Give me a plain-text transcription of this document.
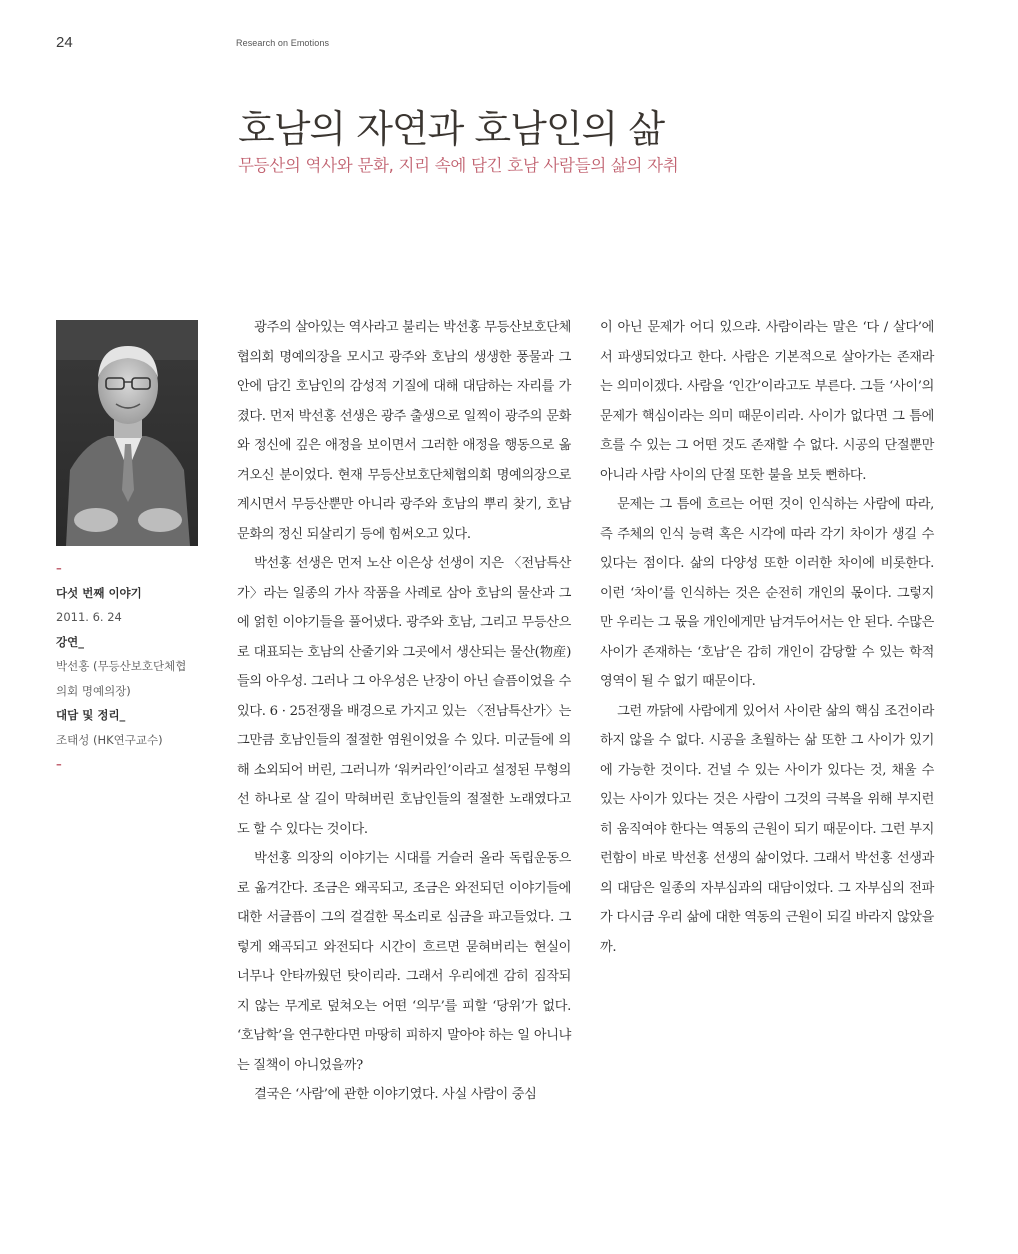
24	Research on Emotions
호남의 자연과 호남인의 삶
무등산의 역사와 문화, 지리 속에 담긴 호남 사람들의 삶의 자취
–
다섯 번째 이야기
2011. 6. 24
강연_
박선홍 (무등산보호단체협
의회 명예의장)
대담 및 정리_
조태성 (HK연구교수)
–

광주의 살아있는 역사라고 불리는 박선홍 무등산보호단체협의회 명예의장을 모시고 광주와 호남의 생생한 풍물과 그 안에 담긴 호남인의 감성적 기질에 대해 대담하는 자리를 가졌다. 먼저 박선홍 선생은 광주 출생으로 일찍이 광주의 문화와 정신에 깊은 애정을 보이면서 그러한 애정을 행동으로 옮겨오신 분이었다. 현재 무등산보호단체협의회 명예의장으로 계시면서 무등산뿐만 아니라 광주와 호남의 뿌리 찾기, 호남문화의 정신 되살리기 등에 힘써오고 있다.

박선홍 선생은 먼저 노산 이은상 선생이 지은 〈전남특산가〉라는 일종의 가사 작품을 사례로 삼아 호남의 물산과 그에 얽힌 이야기들을 풀어냈다. 광주와 호남, 그리고 무등산으로 대표되는 호남의 산줄기와 그곳에서 생산되는 물산(物産)들의 아우성. 그러나 그 아우성은 난장이 아닌 슬픔이었을 수 있다. 6 · 25전쟁을 배경으로 가지고 있는 〈전남특산가〉는 그만큼 호남인들의 절절한 염원이었을 수 있다. 미군들에 의해 소외되어 버린, 그러니까 ‘워커라인’이라고 설정된 무형의 선 하나로 살 길이 막혀버린 호남인들의 절절한 노래였다고도 할 수 있다는 것이다.

박선홍 의장의 이야기는 시대를 거슬러 올라 독립운동으로 옮겨간다. 조금은 왜곡되고, 조금은 와전되던 이야기들에 대한 서글픔이 그의 걸걸한 목소리로 심금을 파고들었다. 그렇게 왜곡되고 와전되다 시간이 흐르면 묻혀버리는 현실이 너무나 안타까웠던 탓이리라. 그래서 우리에겐 감히 짐작되지 않는 무게로 덮쳐오는 어떤 ‘의무’를 피할 ‘당위’가 없다. ‘호남학’을 연구한다면 마땅히 피하지 말아야 하는 일 아니냐는 질책이 아니었을까?

결국은 ‘사람’에 관한 이야기였다. 사실 사람이 중심

이 아닌 문제가 어디 있으랴. 사람이라는 말은 ‘다 / 살다’에서 파생되었다고 한다. 사람은 기본적으로 살아가는 존재라는 의미이겠다. 사람을 ‘인간’이라고도 부른다. 그들 ‘사이’의 문제가 핵심이라는 의미 때문이리라. 사이가 없다면 그 틈에 흐를 수 있는 그 어떤 것도 존재할 수 없다. 시공의 단절뿐만 아니라 사람 사이의 단절 또한 불을 보듯 뻔하다.

문제는 그 틈에 흐르는 어떤 것이 인식하는 사람에 따라, 즉 주체의 인식 능력 혹은 시각에 따라 각기 차이가 생길 수 있다는 점이다. 삶의 다양성 또한 이러한 차이에 비롯한다. 이런 ‘차이’를 인식하는 것은 순전히 개인의 몫이다. 그렇지만 우리는 그 몫을 개인에게만 남겨두어서는 안 된다. 수많은 사이가 존재하는 ‘호남’은 감히 개인이 감당할 수 있는 학적 영역이 될 수 없기 때문이다.

그런 까닭에 사람에게 있어서 사이란 삶의 핵심 조건이라 하지 않을 수 없다. 시공을 초월하는 삶 또한 그 사이가 있기에 가능한 것이다. 건널 수 있는 사이가 있다는 것, 채울 수 있는 사이가 있다는 것은 사람이 그것의 극복을 위해 부지런히 움직여야 한다는 역동의 근원이 되기 때문이다. 그런 부지런함이 바로 박선홍 선생의 삶이었다. 그래서 박선홍 선생과의 대담은 일종의 자부심과의 대담이었다. 그 자부심의 전파가 다시금 우리 삶에 대한 역동의 근원이 되길 바라지 않았을까.
